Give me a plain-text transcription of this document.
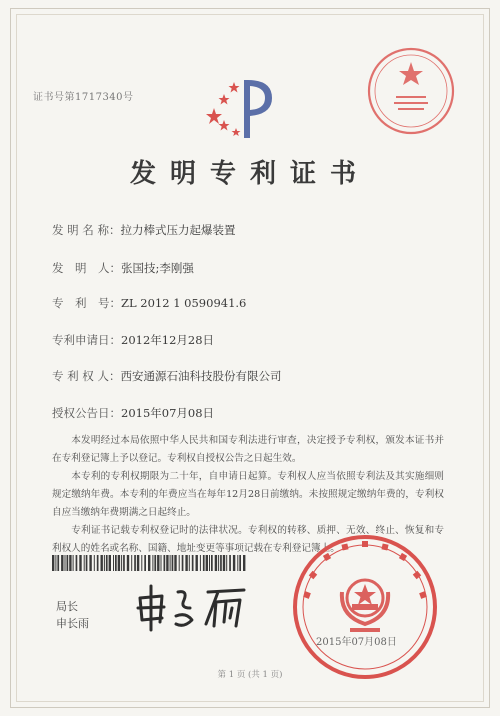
证书号第1717340号
发明专利证书
发 明 名 称：拉力棒式压力起爆装置
发　明　人：张国技;李刚强
专　利　号：ZL 2012 1 0590941.6
专利申请日：2012年12月28日
专 利 权 人：西安通源石油科技股份有限公司
授权公告日：2015年07月08日

本发明经过本局依照中华人民共和国专利法进行审查，决定授予专利权，颁发本证书并在专利登记簿上予以登记。专利权自授权公告之日起生效。

本专利的专利权期限为二十年，自申请日起算。专利权人应当依照专利法及其实施细则规定缴纳年费。本专利的年费应当在每年12月28日前缴纳。未按照规定缴纳年费的，专利权自应当缴纳年费期满之日起终止。

专利证书记载专利权登记时的法律状况。专利权的转移、质押、无效、终止、恢复和专利权人的姓名或名称、国籍、地址变更等事项记载在专利登记簿上。

局长
申长雨
2015年07月08日
第 1 页 (共 1 页)
